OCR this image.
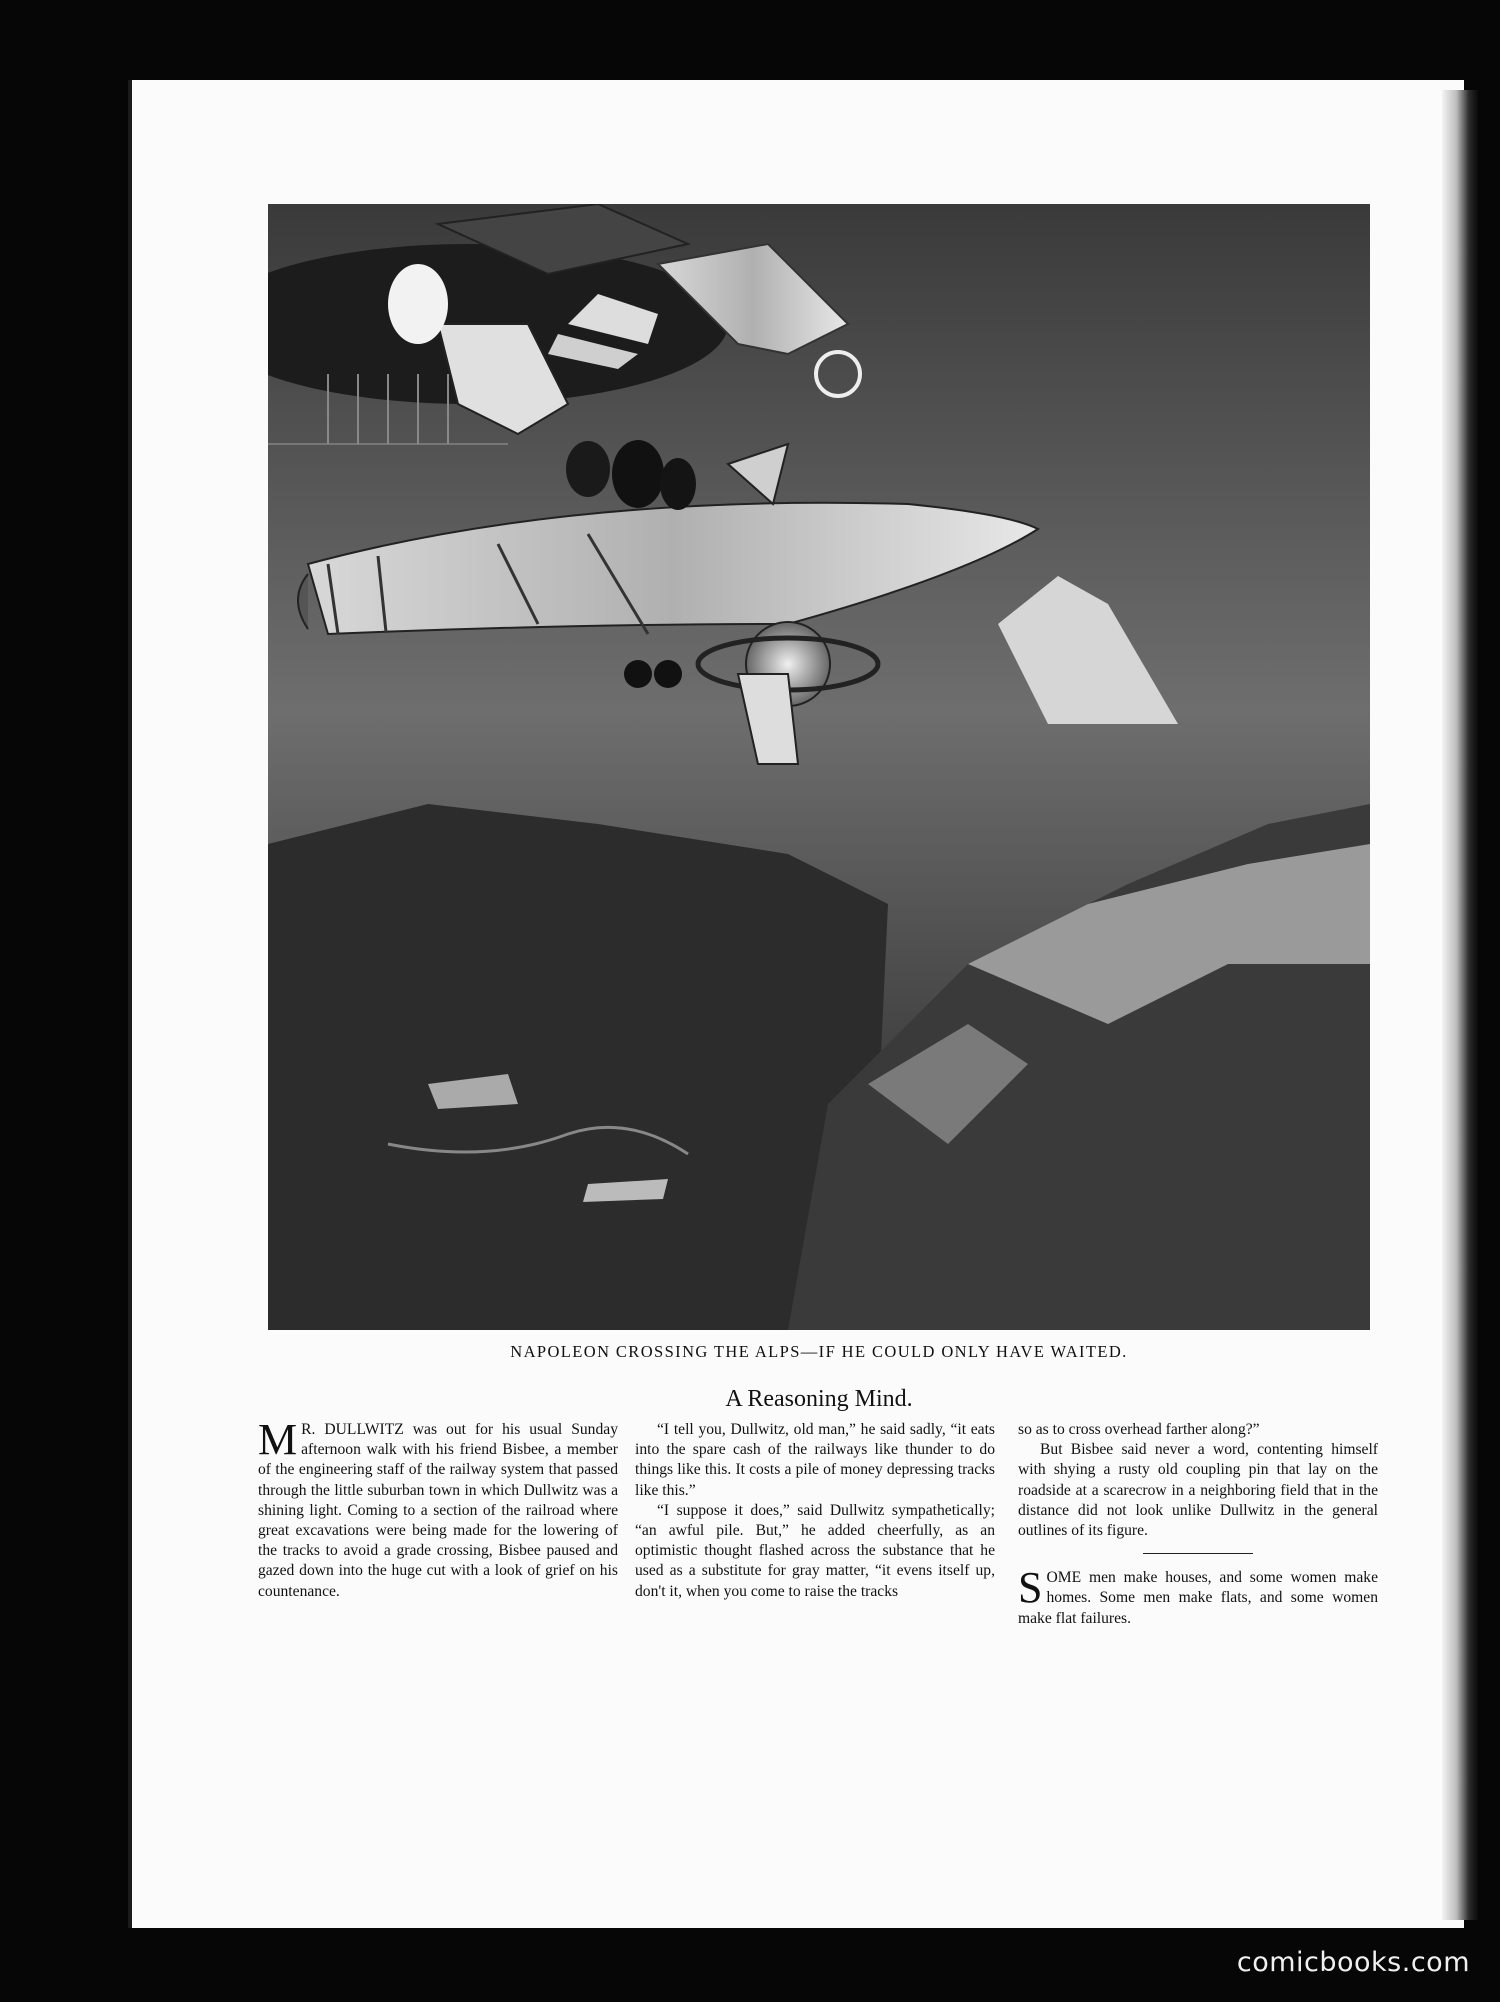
NAPOLEON CROSSING THE ALPS—IF HE COULD ONLY HAVE WAITED.
A Reasoning Mind.

M R. DULLWITZ was out for his usual Sunday afternoon walk with his friend Bisbee, a member of the engineering staff of the railway system that passed through the little suburban town in which Dullwitz was a shining light. Coming to a section of the railroad where great excavations were being made for the lowering of the tracks to avoid a grade crossing, Bisbee paused and gazed down into the huge cut with a look of grief on his countenance.

“I tell you, Dullwitz, old man,” he said sadly, “it eats into the spare cash of the railways like thunder to do things like this. It costs a pile of money depressing tracks like this.”

“I suppose it does,” said Dullwitz sympathetically; “an awful pile. But,” he added cheerfully, as an optimistic thought flashed across the substance that he used as a substitute for gray matter, “it evens itself up, don't it, when you come to raise the tracks

so as to cross overhead farther along?”

But Bisbee said never a word, contenting himself with shying a rusty old coupling pin that lay on the roadside at a scarecrow in a neighboring field that in the distance did not look unlike Dullwitz in the general outlines of its figure.

SOME men make houses, and some women make homes. Some men make flats, and some women make flat failures.

comicbooks.com
